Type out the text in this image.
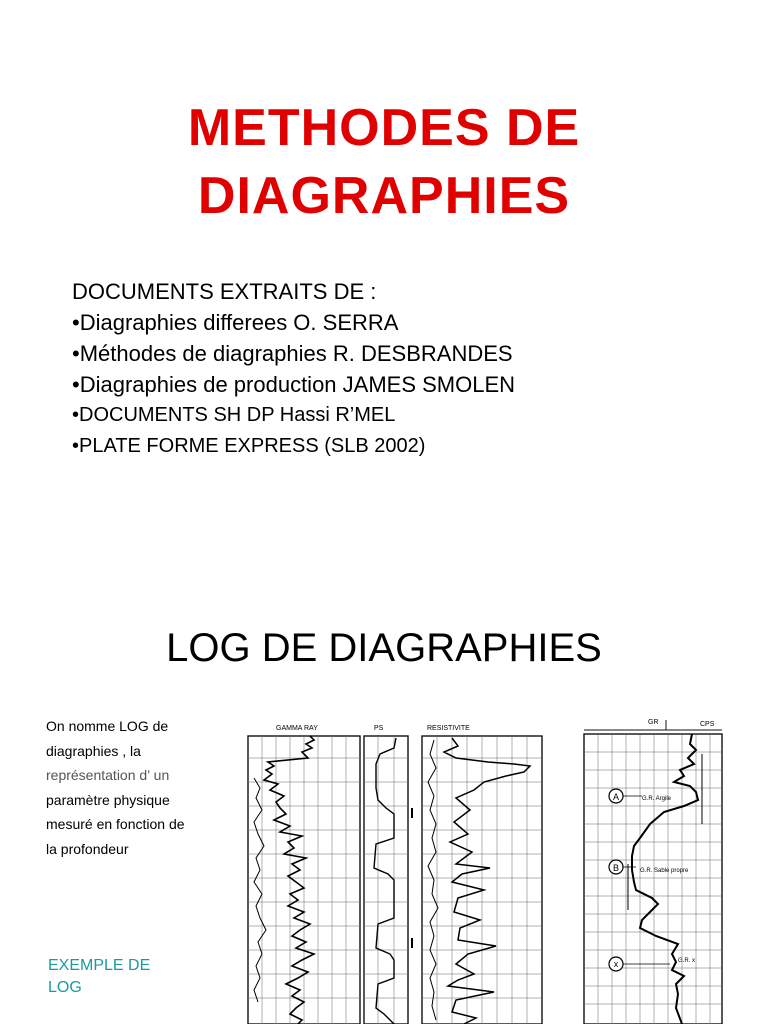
METHODES DE
DIAGRAPHIES
DOCUMENTS EXTRAITS DE :
•Diagraphies differees O. SERRA
•Méthodes de diagraphies R. DESBRANDES
•Diagraphies de production JAMES SMOLEN
•DOCUMENTS SH DP Hassi R’MEL
•PLATE FORME EXPRESS (SLB 2002)
LOG DE DIAGRAPHIES
On nomme LOG de
diagraphies , la
représentation d’ un
paramètre physique
mesuré en fonction de
la profondeur
EXEMPLE DE
LOG
GAMMA RAY	PS	RESISTIVITE
GR	CPS
A
B
x
G.R. Argile
G.R. Sable propre
G.R. x
